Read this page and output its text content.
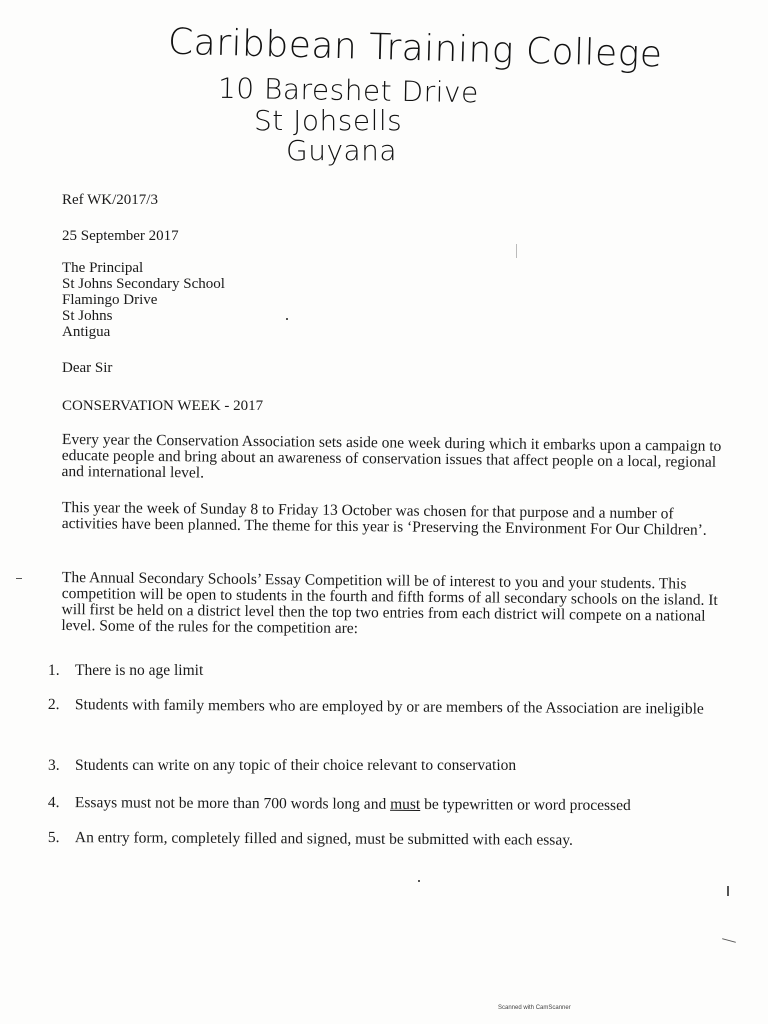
Caribbean Training College
10 Bareshet Drive
St Johsells
Guyana
Ref WK/2017/3
25 September 2017
The Principal
St Johns Secondary School
Flamingo Drive
St Johns
Antigua
Dear Sir
CONSERVATION WEEK - 2017
Every year the Conservation Association sets aside one week during which it embarks upon a campaign to educate people and bring about an awareness of conservation issues that affect people on a local, regional and international level.
This year the week of Sunday 8 to Friday 13 October was chosen for that purpose and a number of activities have been planned. The theme for this year is ‘Preserving the Environment For Our Children’.
The Annual Secondary Schools’ Essay Competition will be of interest to you and your students. This competition will be open to students in the fourth and fifth forms of all secondary schools on the island. It will first be held on a district level then the top two entries from each district will compete on a national level. Some of the rules for the competition are:
1. There is no age limit
2. Students with family members who are employed by or are members of the Association are ineligible
3. Students can write on any topic of their choice relevant to conservation
4. Essays must not be more than 700 words long and must be typewritten or word processed
5. An entry form, completely filled and signed, must be submitted with each essay.
Scanned with CamScanner
